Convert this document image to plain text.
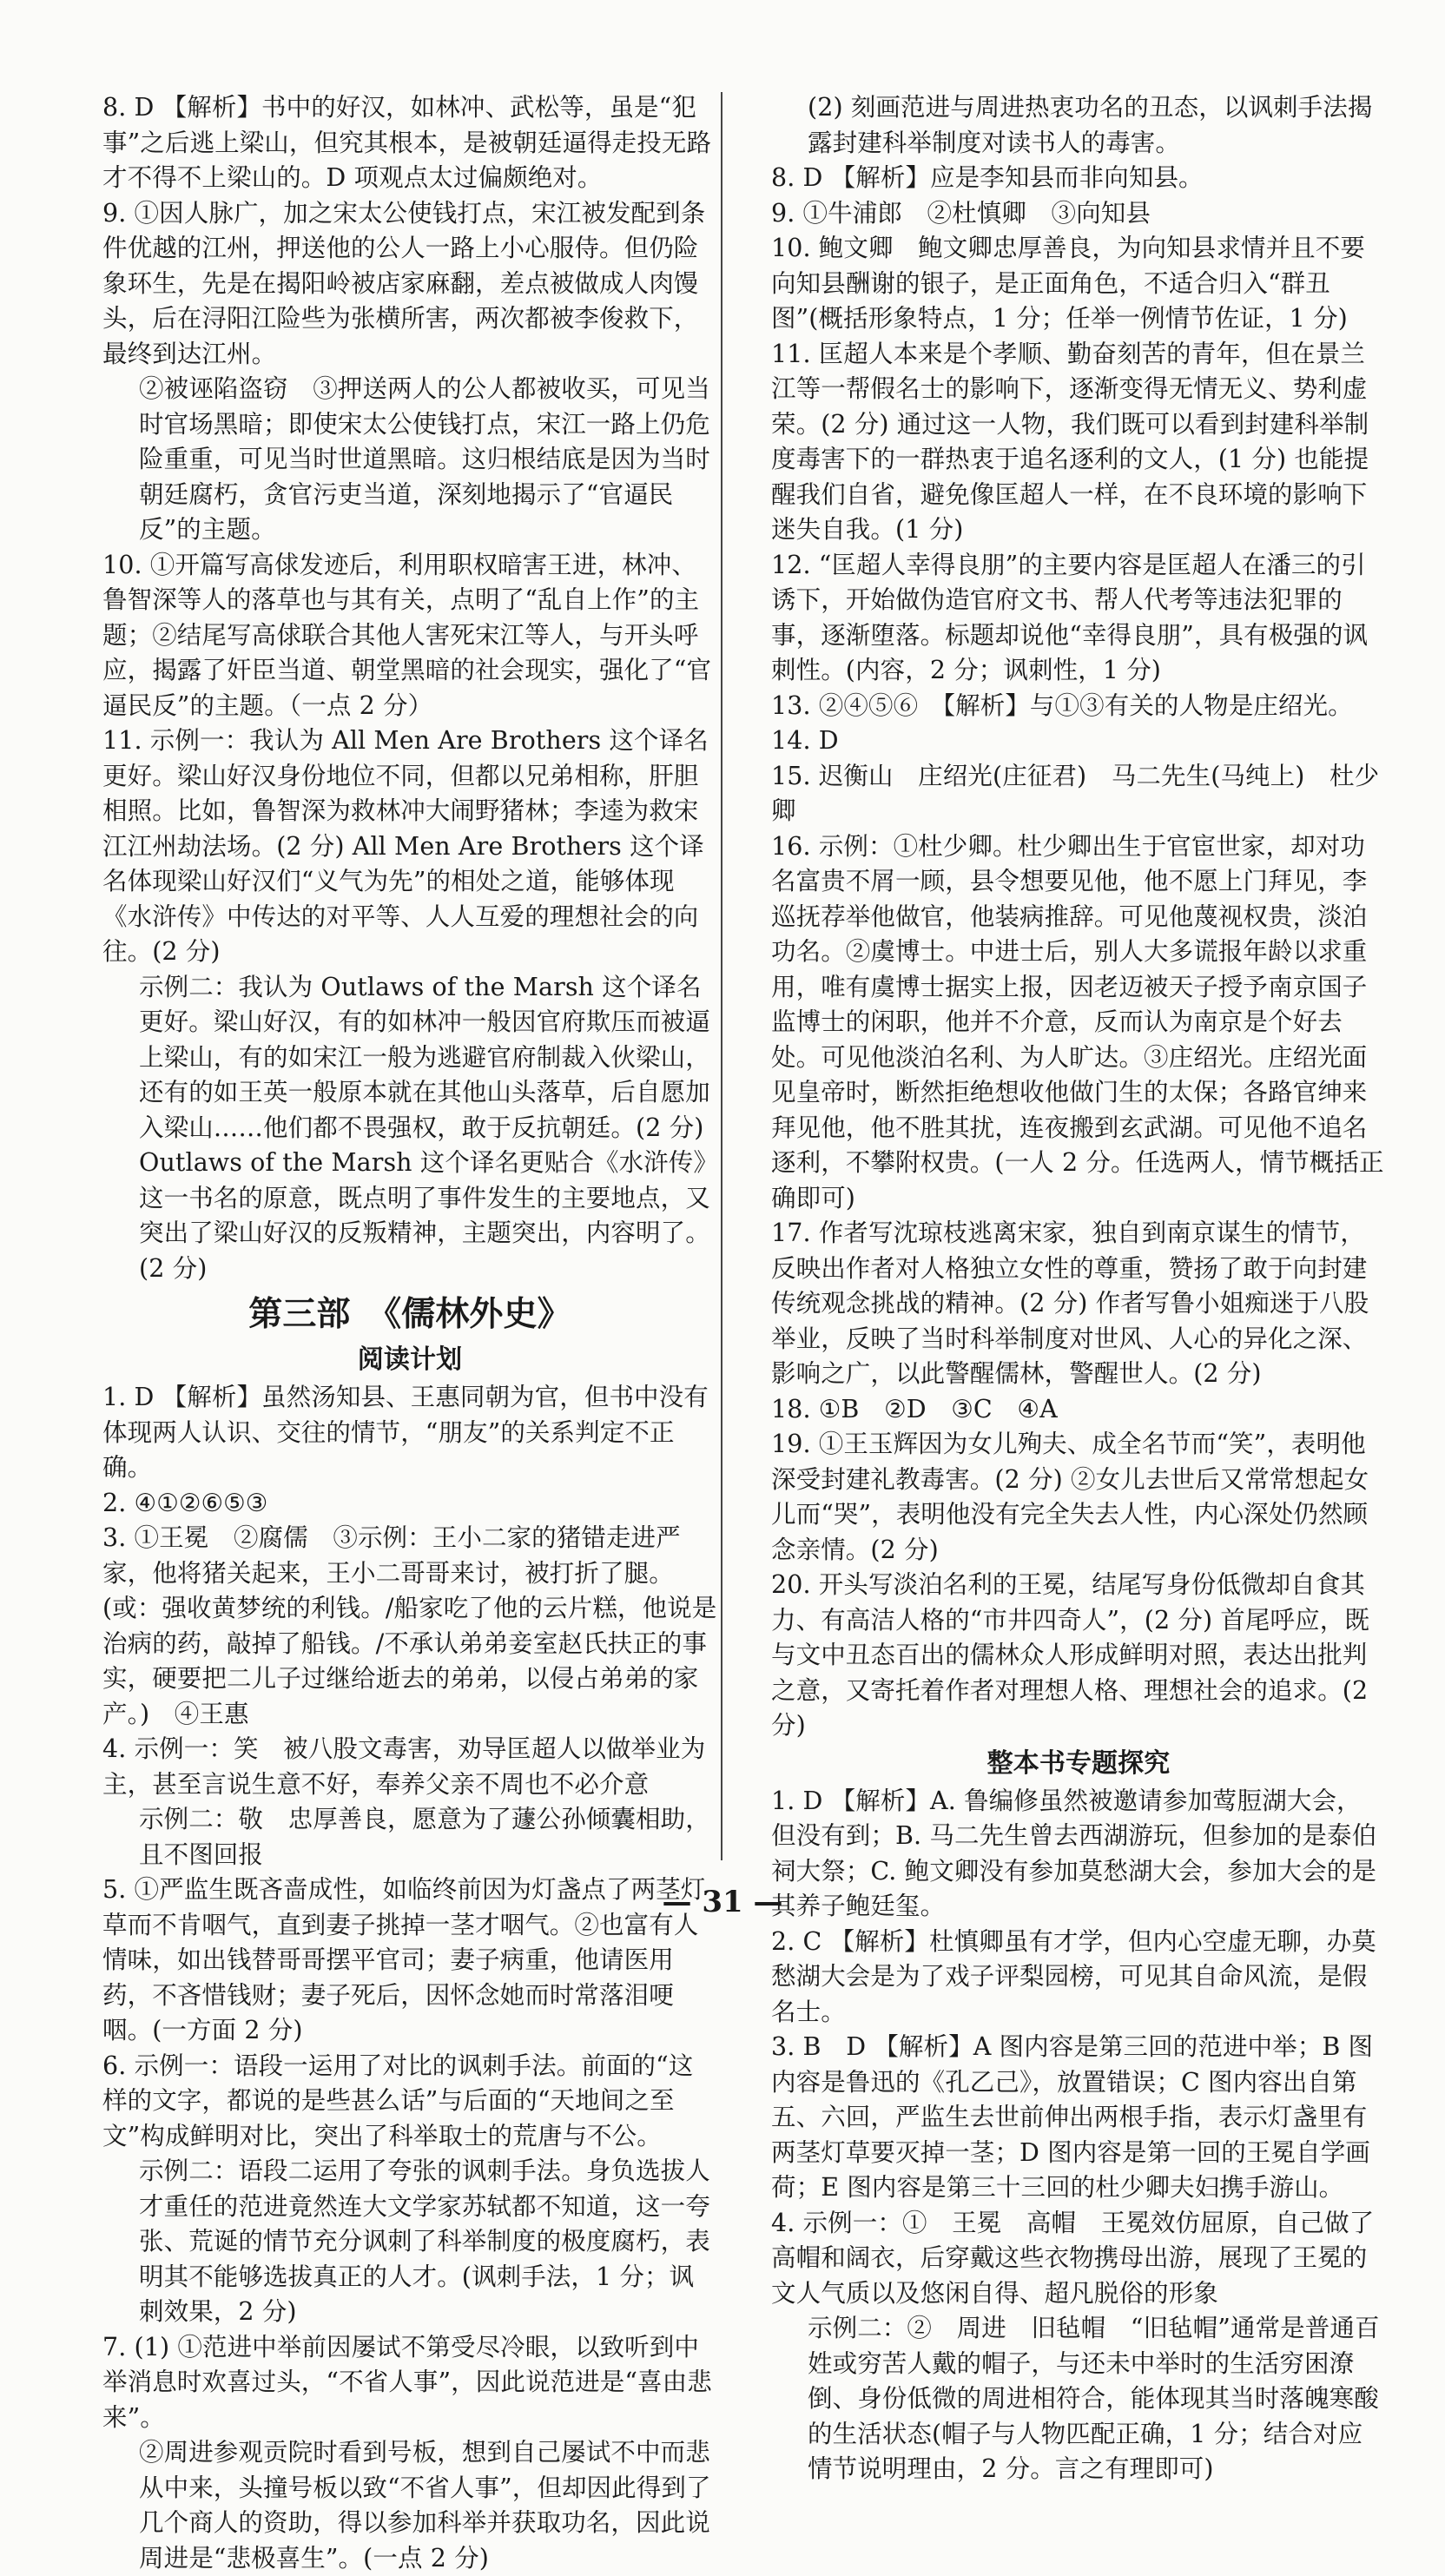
8. D 【解析】书中的好汉，如林冲、武松等，虽是“犯事”之后逃上梁山，但究其根本，是被朝廷逼得走投无路才不得不上梁山的。D 项观点太过偏颇绝对。

9. ①因人脉广，加之宋太公使钱打点，宋江被发配到条件优越的江州，押送他的公人一路上小心服侍。但仍险象环生，先是在揭阳岭被店家麻翻，差点被做成人肉馒头，后在浔阳江险些为张横所害，两次都被李俊救下，最终到达江州。

②被诬陷盗窃　③押送两人的公人都被收买，可见当时官场黑暗；即使宋太公使钱打点，宋江一路上仍危险重重，可见当时世道黑暗。这归根结底是因为当时朝廷腐朽，贪官污吏当道，深刻地揭示了“官逼民反”的主题。

10. ①开篇写高俅发迹后，利用职权暗害王进，林冲、鲁智深等人的落草也与其有关，点明了“乱自上作”的主题；②结尾写高俅联合其他人害死宋江等人，与开头呼应，揭露了奸臣当道、朝堂黑暗的社会现实，强化了“官逼民反”的主题。（一点 2 分）

11. 示例一：我认为 All Men Are Brothers 这个译名更好。梁山好汉身份地位不同，但都以兄弟相称，肝胆相照。比如，鲁智深为救林冲大闹野猪林；李逵为救宋江江州劫法场。(2 分) All Men Are Brothers 这个译名体现梁山好汉们“义气为先”的相处之道，能够体现《水浒传》中传达的对平等、人人互爱的理想社会的向往。(2 分)

示例二：我认为 Outlaws of the Marsh 这个译名更好。梁山好汉，有的如林冲一般因官府欺压而被逼上梁山，有的如宋江一般为逃避官府制裁入伙梁山，还有的如王英一般原本就在其他山头落草，后自愿加入梁山……他们都不畏强权，敢于反抗朝廷。(2 分) Outlaws of the Marsh 这个译名更贴合《水浒传》这一书名的原意，既点明了事件发生的主要地点，又突出了梁山好汉的反叛精神，主题突出，内容明了。(2 分)

第三部　《儒林外史》
阅读计划

1. D 【解析】虽然汤知县、王惠同朝为官，但书中没有体现两人认识、交往的情节，“朋友”的关系判定不正确。

2. ④①②⑥⑤③

3. ①王冕　②腐儒　③示例：王小二家的猪错走进严家，他将猪关起来，王小二哥哥来讨，被打折了腿。(或：强收黄梦统的利钱。/船家吃了他的云片糕，他说是治病的药，敲掉了船钱。/不承认弟弟妾室赵氏扶正的事实，硬要把二儿子过继给逝去的弟弟，以侵占弟弟的家产。)　④王惠

4. 示例一：笑　被八股文毒害，劝导匡超人以做举业为主，甚至言说生意不好，奉养父亲不周也不必介意

示例二：敬　忠厚善良，愿意为了蘧公孙倾囊相助，且不图回报

5. ①严监生既吝啬成性，如临终前因为灯盏点了两茎灯草而不肯咽气，直到妻子挑掉一茎才咽气。②也富有人情味，如出钱替哥哥摆平官司；妻子病重，他请医用药，不吝惜钱财；妻子死后，因怀念她而时常落泪哽咽。(一方面 2 分)

6. 示例一：语段一运用了对比的讽刺手法。前面的“这样的文字，都说的是些甚么话”与后面的“天地间之至文”构成鲜明对比，突出了科举取士的荒唐与不公。

示例二：语段二运用了夸张的讽刺手法。身负选拔人才重任的范进竟然连大文学家苏轼都不知道，这一夸张、荒诞的情节充分讽刺了科举制度的极度腐朽，表明其不能够选拔真正的人才。(讽刺手法，1 分；讽刺效果，2 分)

7. (1) ①范进中举前因屡试不第受尽冷眼，以致听到中举消息时欢喜过头，“不省人事”，因此说范进是“喜由悲来”。

②周进参观贡院时看到号板，想到自己屡试不中而悲从中来，头撞号板以致“不省人事”，但却因此得到了几个商人的资助，得以参加科举并获取功名，因此说周进是“悲极喜生”。(一点 2 分)

(2) 刻画范进与周进热衷功名的丑态，以讽刺手法揭露封建科举制度对读书人的毒害。

8. D 【解析】应是李知县而非向知县。

9. ①牛浦郎　②杜慎卿　③向知县

10. 鲍文卿　鲍文卿忠厚善良，为向知县求情并且不要向知县酬谢的银子，是正面角色，不适合归入“群丑图”(概括形象特点，1 分；任举一例情节佐证，1 分)

11. 匡超人本来是个孝顺、勤奋刻苦的青年，但在景兰江等一帮假名士的影响下，逐渐变得无情无义、势利虚荣。(2 分) 通过这一人物，我们既可以看到封建科举制度毒害下的一群热衷于追名逐利的文人，(1 分) 也能提醒我们自省，避免像匡超人一样，在不良环境的影响下迷失自我。(1 分)

12. “匡超人幸得良朋”的主要内容是匡超人在潘三的引诱下，开始做伪造官府文书、帮人代考等违法犯罪的事，逐渐堕落。标题却说他“幸得良朋”，具有极强的讽刺性。(内容，2 分；讽刺性，1 分)

13. ②④⑤⑥　【解析】与①③有关的人物是庄绍光。

14. D

15. 迟衡山　庄绍光(庄征君)　马二先生(马纯上)　杜少卿

16. 示例：①杜少卿。杜少卿出生于官宦世家，却对功名富贵不屑一顾，县令想要见他，他不愿上门拜见，李巡抚荐举他做官，他装病推辞。可见他蔑视权贵，淡泊功名。②虞博士。中进士后，别人大多谎报年龄以求重用，唯有虞博士据实上报，因老迈被天子授予南京国子监博士的闲职，他并不介意，反而认为南京是个好去处。可见他淡泊名利、为人旷达。③庄绍光。庄绍光面见皇帝时，断然拒绝想收他做门生的太保；各路官绅来拜见他，他不胜其扰，连夜搬到玄武湖。可见他不追名逐利，不攀附权贵。(一人 2 分。任选两人，情节概括正确即可)

17. 作者写沈琼枝逃离宋家，独自到南京谋生的情节，反映出作者对人格独立女性的尊重，赞扬了敢于向封建传统观念挑战的精神。(2 分) 作者写鲁小姐痴迷于八股举业，反映了当时科举制度对世风、人心的异化之深、影响之广，以此警醒儒林，警醒世人。(2 分)

18. ①B　②D　③C　④A

19. ①王玉辉因为女儿殉夫、成全名节而“笑”，表明他深受封建礼教毒害。(2 分) ②女儿去世后又常常想起女儿而“哭”，表明他没有完全失去人性，内心深处仍然顾念亲情。(2 分)

20. 开头写淡泊名利的王冕，结尾写身份低微却自食其力、有高洁人格的“市井四奇人”，(2 分) 首尾呼应，既与文中丑态百出的儒林众人形成鲜明对照，表达出批判之意，又寄托着作者对理想人格、理想社会的追求。(2 分)

整本书专题探究

1. D 【解析】A. 鲁编修虽然被邀请参加莺脰湖大会，但没有到；B. 马二先生曾去西湖游玩，但参加的是泰伯祠大祭；C. 鲍文卿没有参加莫愁湖大会，参加大会的是其养子鲍廷玺。

2. C 【解析】杜慎卿虽有才学，但内心空虚无聊，办莫愁湖大会是为了戏子评梨园榜，可见其自命风流，是假名士。

3. B　D 【解析】A 图内容是第三回的范进中举；B 图内容是鲁迅的《孔乙己》，放置错误；C 图内容出自第五、六回，严监生去世前伸出两根手指，表示灯盏里有两茎灯草要灭掉一茎；D 图内容是第一回的王冕自学画荷；E 图内容是第三十三回的杜少卿夫妇携手游山。

4. 示例一：①　王冕　高帽　王冕效仿屈原，自己做了高帽和阔衣，后穿戴这些衣物携母出游，展现了王冕的文人气质以及悠闲自得、超凡脱俗的形象

示例二：②　周进　旧毡帽　“旧毡帽”通常是普通百姓或穷苦人戴的帽子，与还未中举时的生活穷困潦倒、身份低微的周进相符合，能体现其当时落魄寒酸的生活状态(帽子与人物匹配正确，1 分；结合对应情节说明理由，2 分。言之有理即可)

— 31 —
